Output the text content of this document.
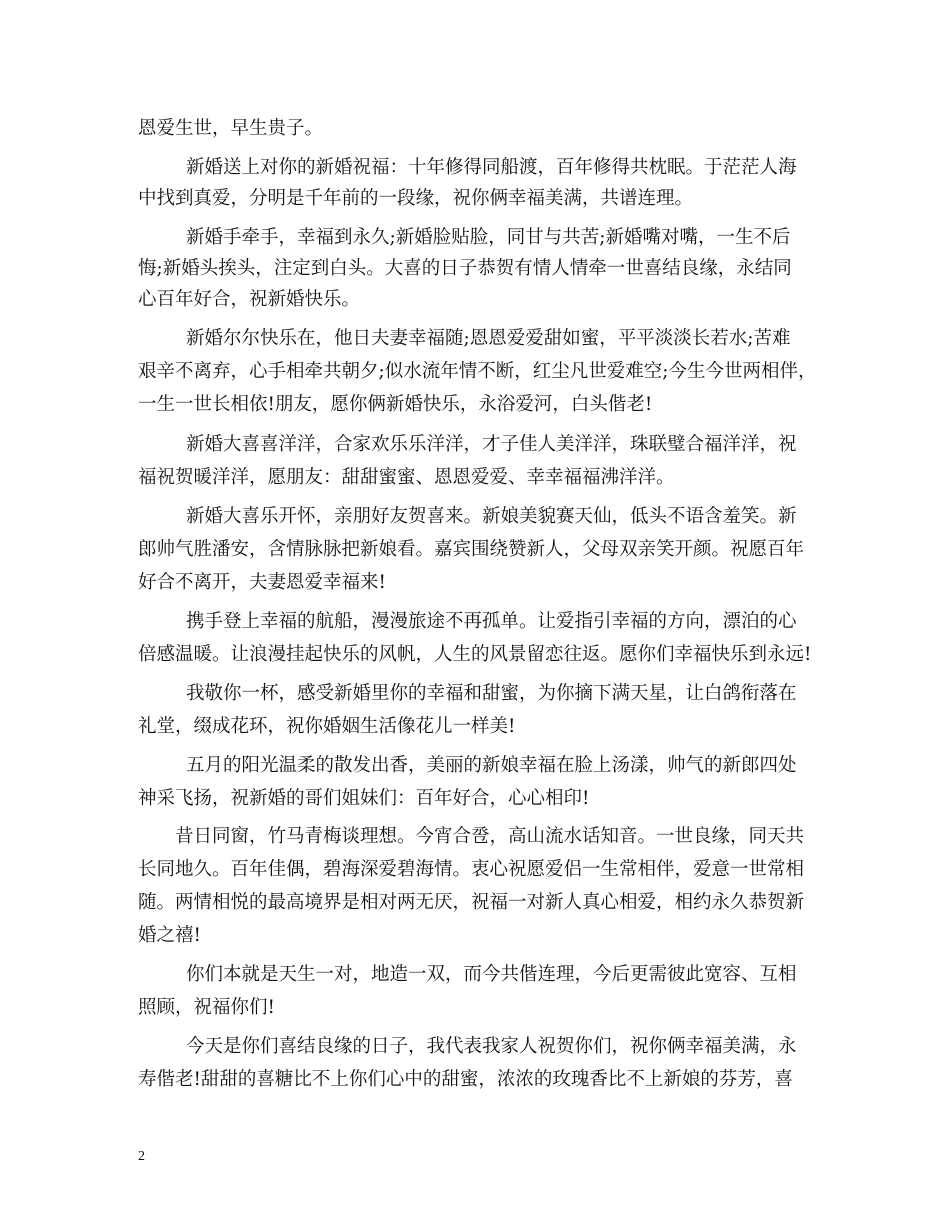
恩爱生世，早生贵子。
新婚送上对你的新婚祝福：十年修得同船渡，百年修得共枕眠。于茫茫人海
中找到真爱，分明是千年前的一段缘，祝你俩幸福美满，共谱连理。
新婚手牵手，幸福到永久;新婚脸贴脸，同甘与共苦;新婚嘴对嘴，一生不后
悔;新婚头挨头，注定到白头。大喜的日子恭贺有情人情牵一世喜结良缘，永结同
心百年好合，祝新婚快乐。
新婚尔尔快乐在，他日夫妻幸福随;恩恩爱爱甜如蜜，平平淡淡长若水;苦难
艰辛不离弃，心手相牵共朝夕;似水流年情不断，红尘凡世爱难空;今生今世两相伴，
一生一世长相依!朋友，愿你俩新婚快乐，永浴爱河，白头偕老!
新婚大喜喜洋洋，合家欢乐乐洋洋，才子佳人美洋洋，珠联璧合福洋洋，祝
福祝贺暖洋洋，愿朋友：甜甜蜜蜜、恩恩爱爱、幸幸福福沸洋洋。
新婚大喜乐开怀，亲朋好友贺喜来。新娘美貌赛天仙，低头不语含羞笑。新
郎帅气胜潘安，含情脉脉把新娘看。嘉宾围绕赞新人，父母双亲笑开颜。祝愿百年
好合不离开，夫妻恩爱幸福来!
携手登上幸福的航船，漫漫旅途不再孤单。让爱指引幸福的方向，漂泊的心
倍感温暖。让浪漫挂起快乐的风帆，人生的风景留恋往返。愿你们幸福快乐到永远!
我敬你一杯，感受新婚里你的幸福和甜蜜，为你摘下满天星，让白鸽衔落在
礼堂，缀成花环，祝你婚姻生活像花儿一样美!
五月的阳光温柔的散发出香，美丽的新娘幸福在脸上汤漾，帅气的新郎四处
神采飞扬，祝新婚的哥们姐妹们：百年好合，心心相印!
昔日同窗，竹马青梅谈理想。今宵合卺，高山流水话知音。一世良缘，同天共
长同地久。百年佳偶，碧海深爱碧海情。衷心祝愿爱侣一生常相伴，爱意一世常相
随。两情相悦的最高境界是相对两无厌，祝福一对新人真心相爱，相约永久恭贺新
婚之禧!
你们本就是天生一对，地造一双，而今共偕连理，今后更需彼此宽容、互相
照顾，祝福你们!
今天是你们喜结良缘的日子，我代表我家人祝贺你们，祝你俩幸福美满，永
寿偕老!甜甜的喜糖比不上你们心中的甜蜜，浓浓的玫瑰香比不上新娘的芬芳，喜
2
